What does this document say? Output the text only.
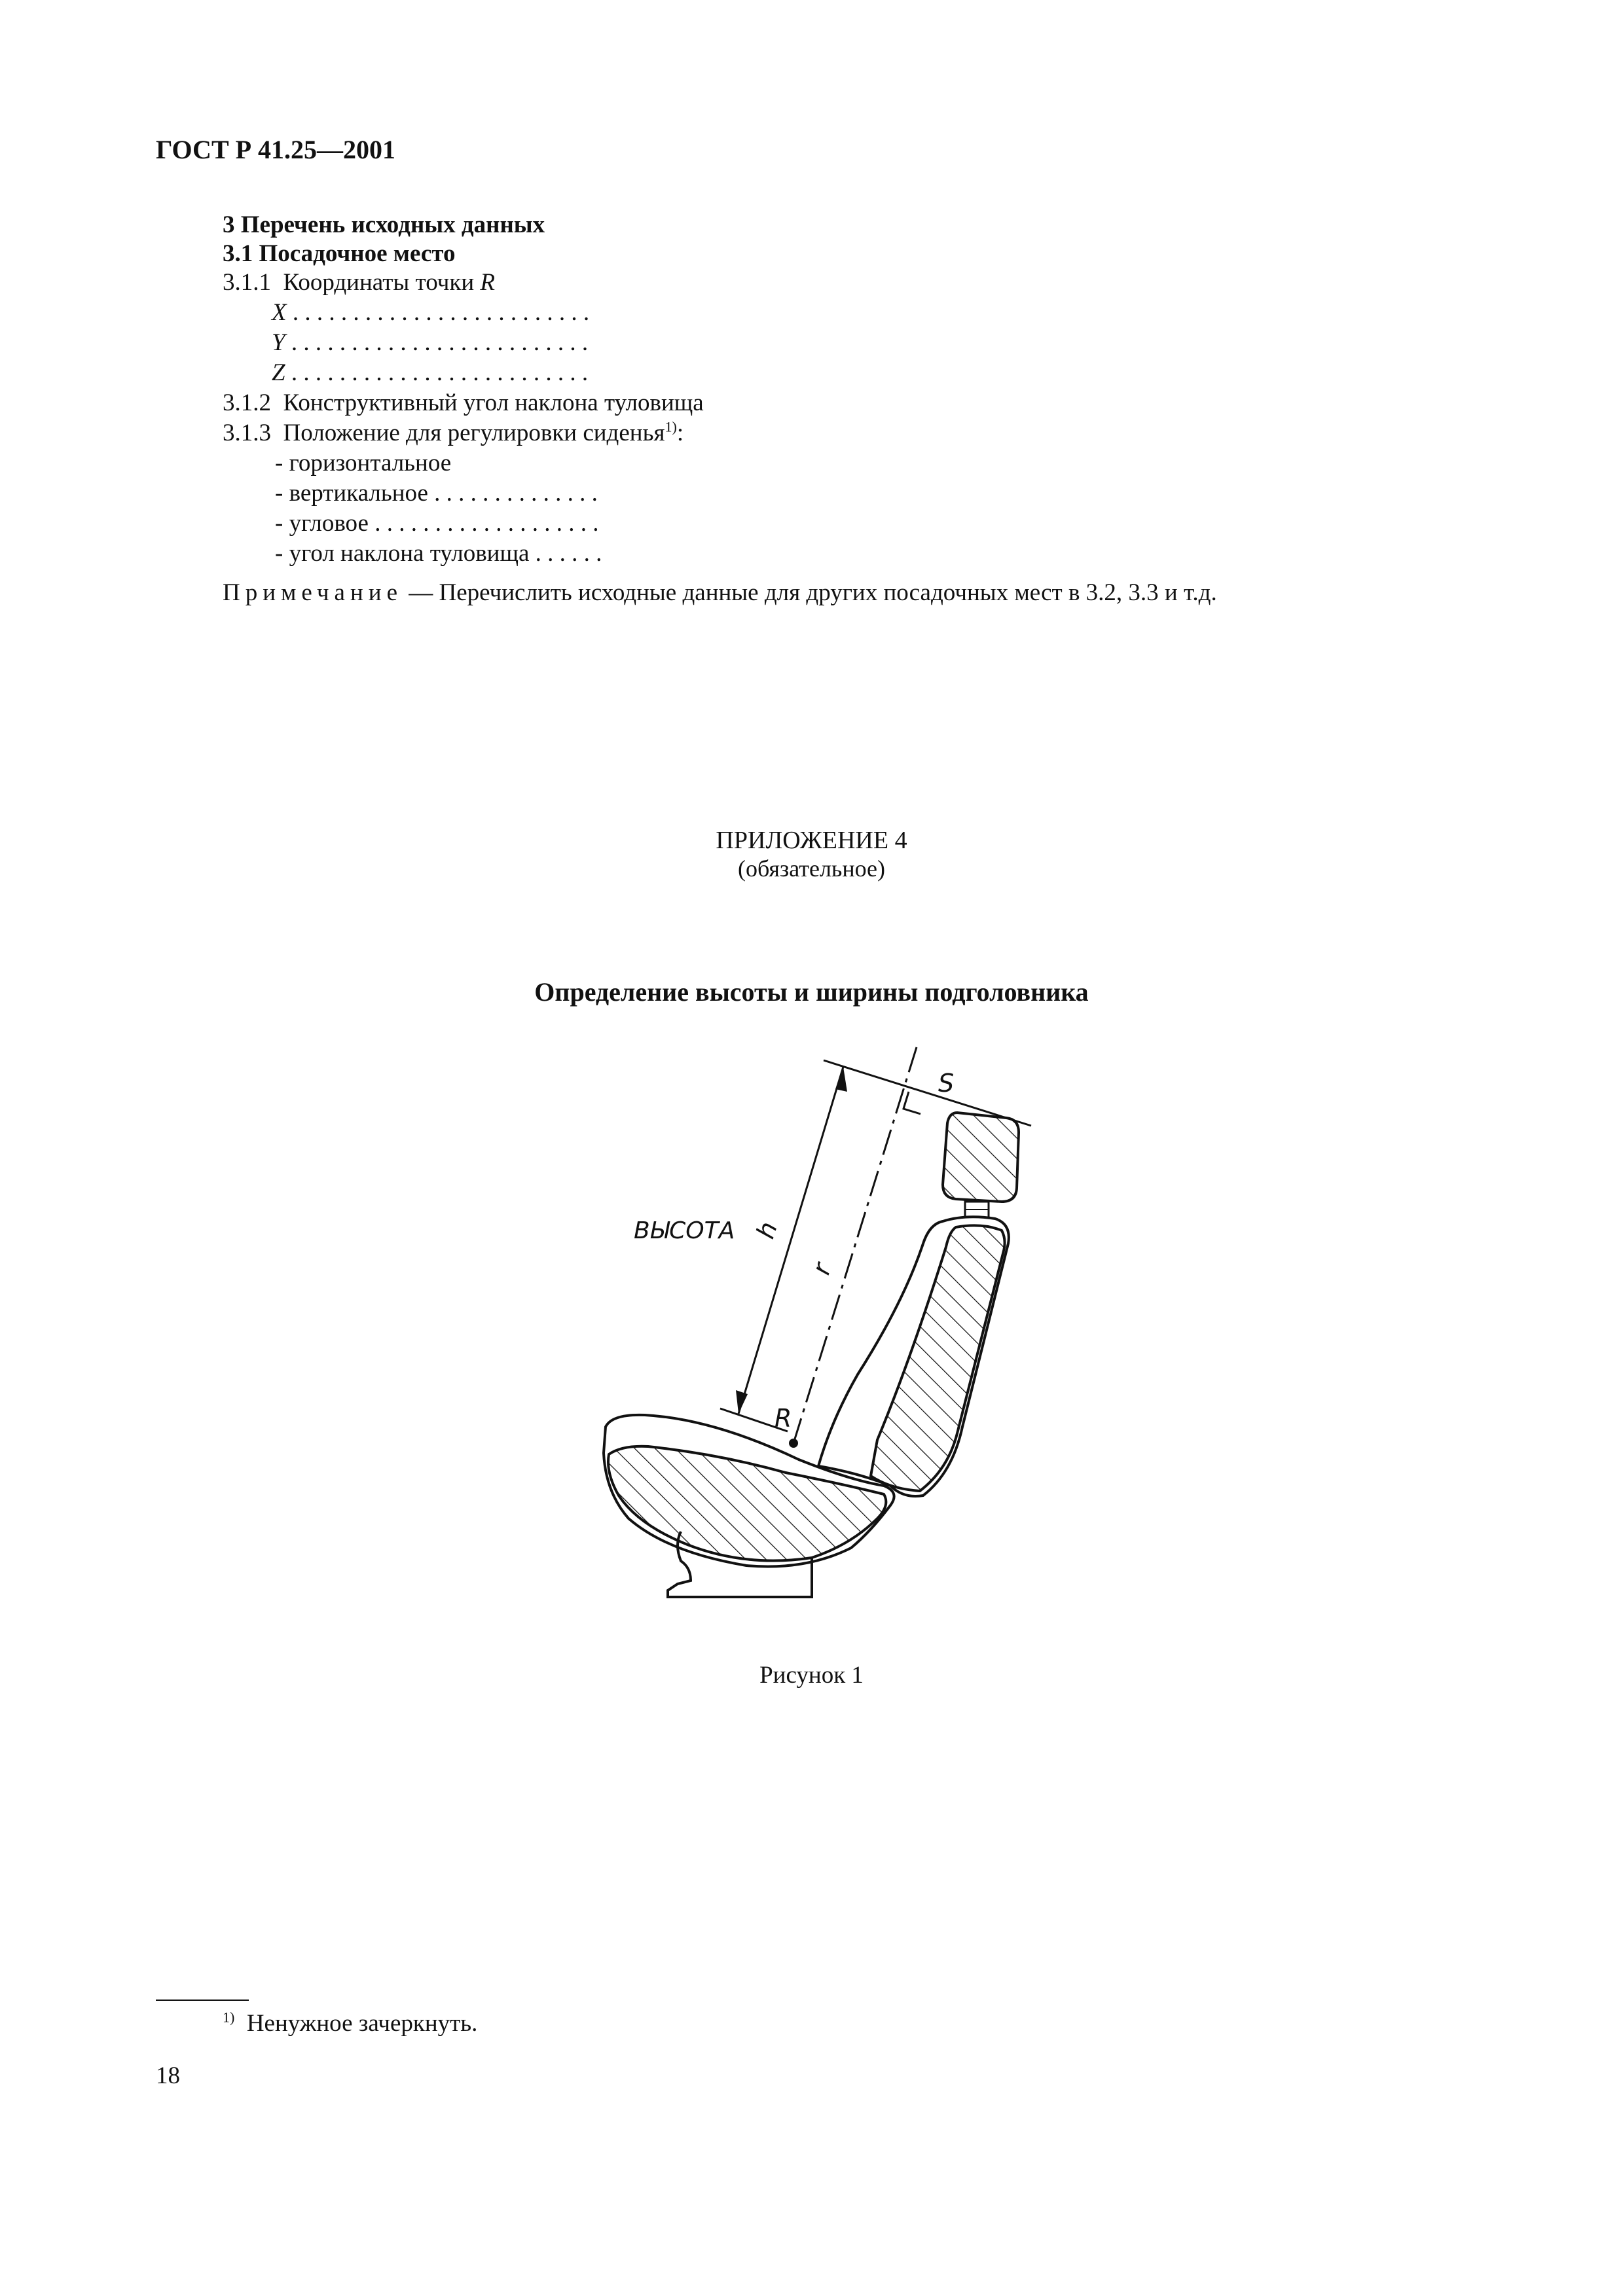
ГОСТ Р 41.25—2001
3 Перечень исходных данных
3.1 Посадочное место
3.1.1 Координаты точки R
X . . . . . . . . . . . . . . . . . . . . . . . . .
Y . . . . . . . . . . . . . . . . . . . . . . . . .
Z . . . . . . . . . . . . . . . . . . . . . . . . .
3.1.2 Конструктивный угол наклона туловища
3.1.3 Положение для регулировки сиденья$^{1)}$:
- горизонтальное
- вертикальное . . . . . . . . . . . . . .
- угловое . . . . . . . . . . . . . . . . . . .
- угол наклона туловища . . . . . .
Примечание — Перечислить исходные данные для других посадочных мест в 3.2, 3.3 и т.д.
ПРИЛОЖЕНИЕ 4
(обязательное)
Определение высоты и ширины подголовника
ВЫСОТА h
r
R
S
Рисунок 1
$^{1)}$ Ненужное зачеркнуть.
18
